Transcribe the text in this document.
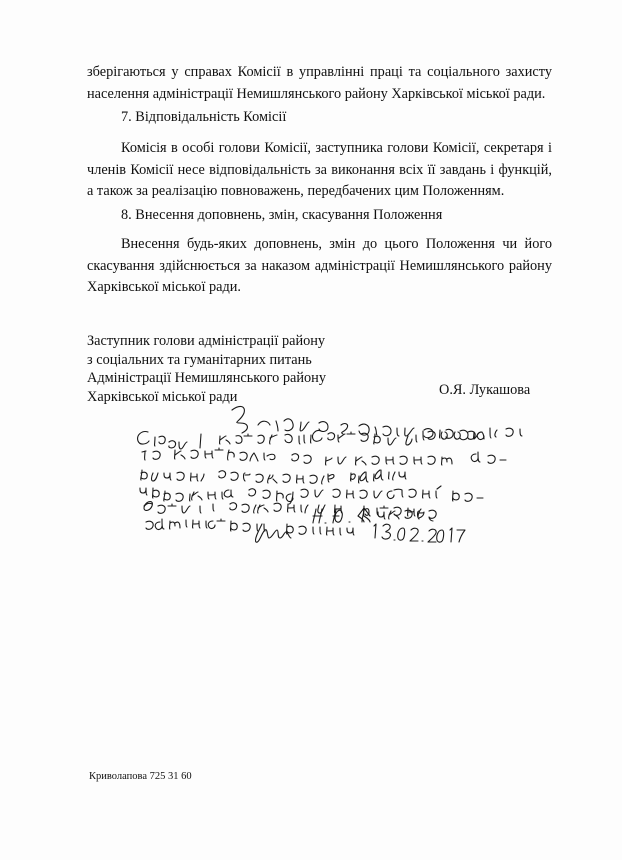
зберігаються у справах Комісії в управлінні праці та соціального захисту населення адміністрації Немишлянського району Харківської міської ради.

7. Відповідальність Комісії

Комісія в особі голови Комісії, заступника голови Комісії, секретаря і членів Комісії несе відповідальність за виконання всіх її завдань і функцій, а також за реалізацію повноважень, передбачених цим Положенням.

8. Внесення доповнень, змін, скасування Положення

Внесення будь-яких доповнень, змін до цього Положення чи його скасування здійснюється за наказом адміністрації Немишлянського району Харківської міської ради.

Заступник голови адміністрації району
з соціальних та гуманітарних питань
Адміністрації Немишлянського району
Харківської міської ради	О.Я. Лукашова
Криволапова 725 31 60
